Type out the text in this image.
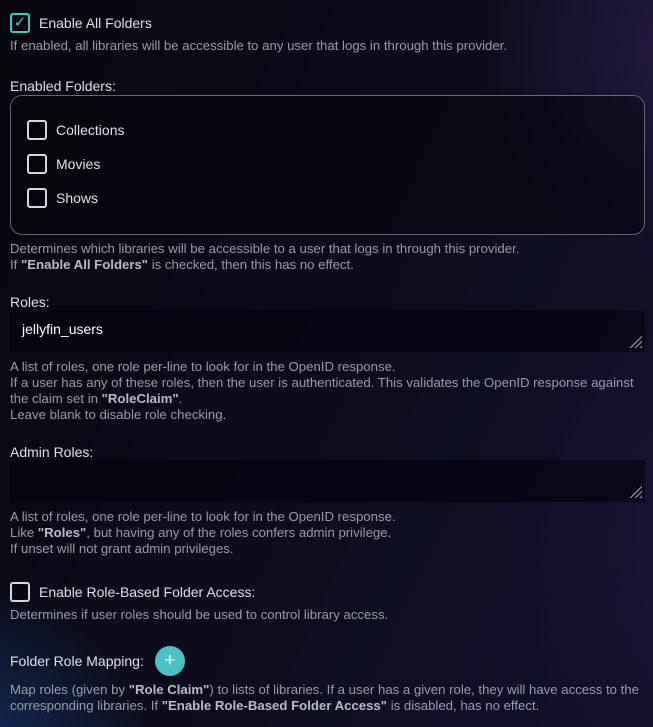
✓ Enable All Folders
If enabled, all libraries will be accessible to any user that logs in through this provider.
Enabled Folders:
Collections
Movies
Shows
Determines which libraries will be accessible to a user that logs in through this provider.
If "Enable All Folders" is checked, then this has no effect.
Roles:
jellyfin_users
A list of roles, one role per-line to look for in the OpenID response.
If a user has any of these roles, then the user is authenticated. This validates the OpenID response against the claim set in "RoleClaim".
Leave blank to disable role checking.
Admin Roles:
A list of roles, one role per-line to look for in the OpenID response.
Like "Roles", but having any of the roles confers admin privilege.
If unset will not grant admin privileges.
Enable Role-Based Folder Access:
Determines if user roles should be used to control library access.
Folder Role Mapping: +
Map roles (given by "Role Claim") to lists of libraries. If a user has a given role, they will have access to the corresponding libraries. If "Enable Role-Based Folder Access" is disabled, has no effect.
